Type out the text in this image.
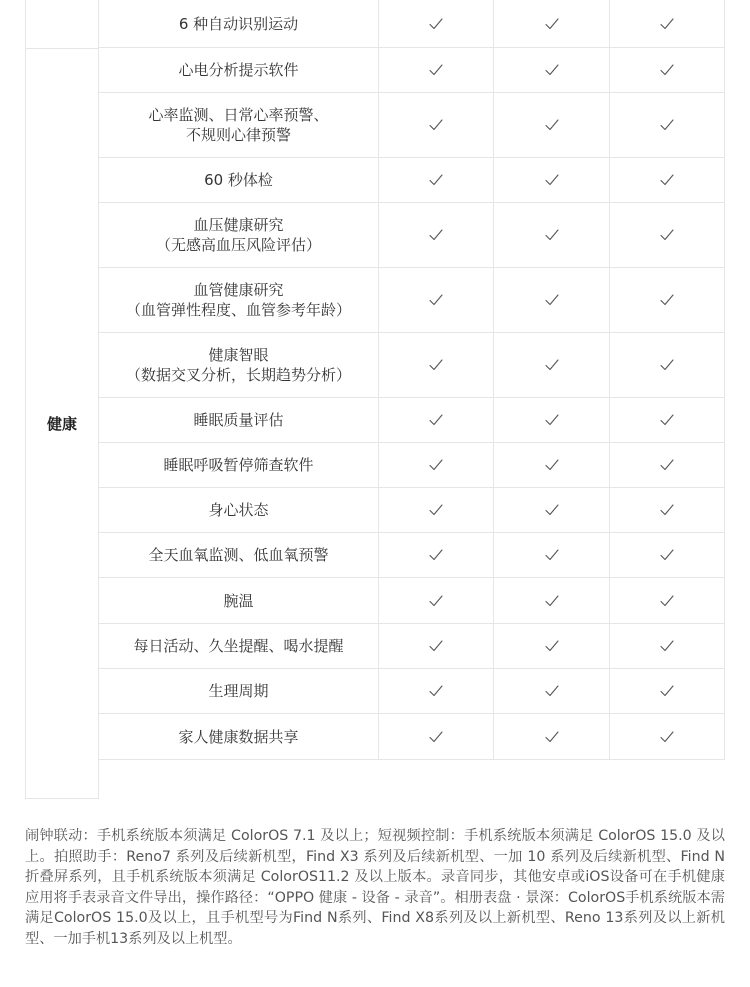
6 种自动识别运动
心电分析提示软件
心率监测、日常心率预警、
不规则心律预警
60 秒体检
血压健康研究
（无感高血压风险评估）
血管健康研究
（血管弹性程度、血管参考年龄）
健康智眼
（数据交叉分析，长期趋势分析）
睡眠质量评估
睡眠呼吸暂停筛查软件
身心状态
全天血氧监测、低血氧预警
腕温
每日活动、久坐提醒、喝水提醒
生理周期
家人健康数据共享
健康
闹钟联动：手机系统版本须满足 ColorOS 7.1 及以上；短视频控制：手机系统版本须满足 ColorOS 15.0 及以上。拍照助手：Reno7 系列及后续新机型，Find X3 系列及后续新机型、一加 10 系列及后续新机型、Find N 折叠屏系列，且手机系统版本须满足 ColorOS11.2 及以上版本。录音同步，其他安卓或iOS设备可在手机健康应用将手表录音文件导出，操作路径：“OPPO 健康 - 设备 - 录音”。相册表盘 · 景深：ColorOS手机系统版本需满足ColorOS 15.0及以上，且手机型号为Find N系列、Find X8系列及以上新机型、Reno 13系列及以上新机型、一加手机13系列及以上机型。
